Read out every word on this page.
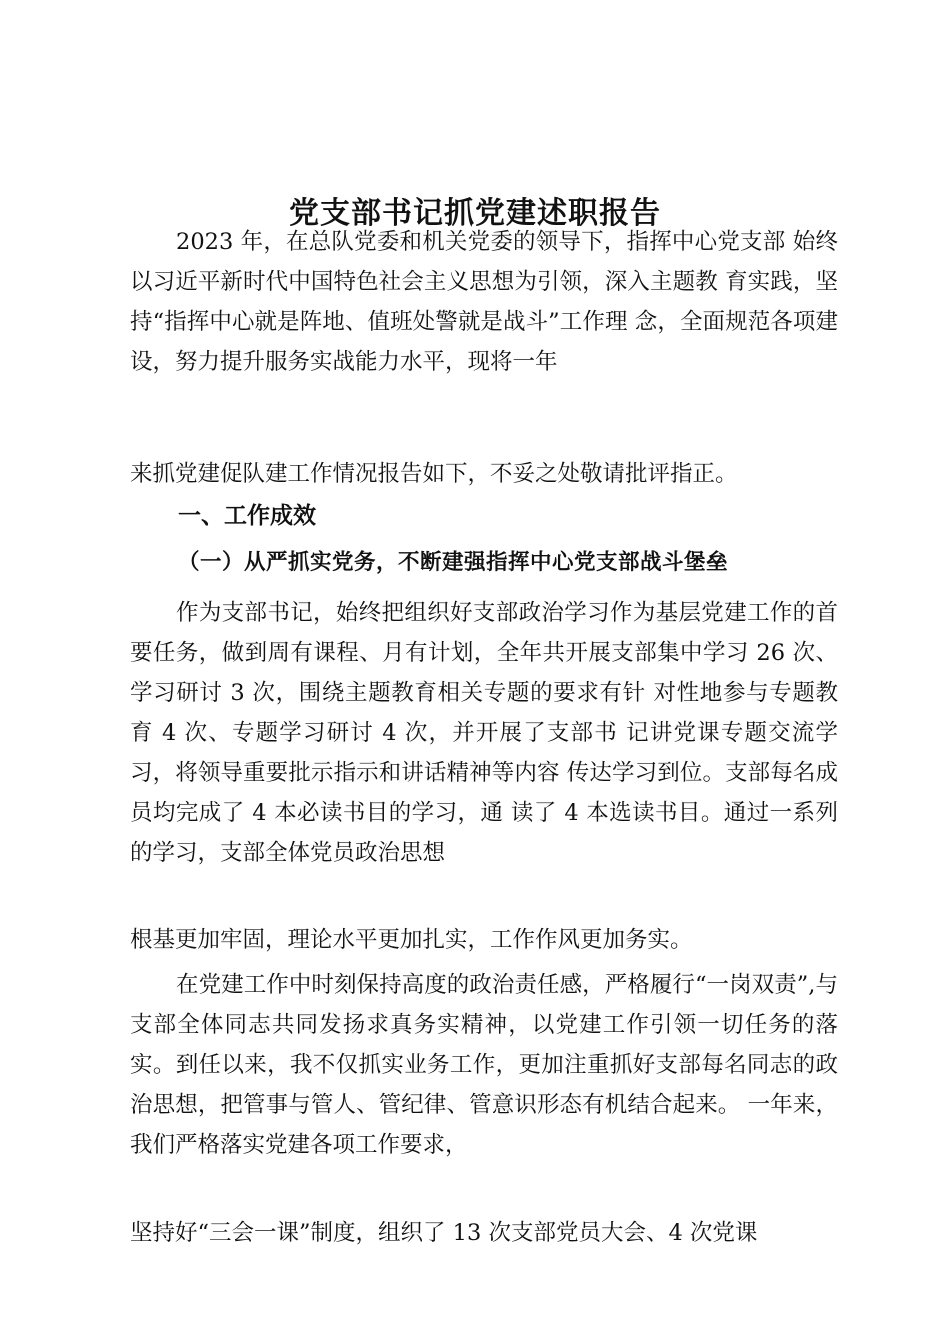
党支部书记抓党建述职报告

2023 年，在总队党委和机关党委的领导下，指挥中心党支部 始终以习近平新时代中国特色社会主义思想为引领，深入主题教 育实践，坚持“指挥中心就是阵地、值班处警就是战斗”工作理 念，全面规范各项建设，努力提升服务实战能力水平，现将一年

来抓党建促队建工作情况报告如下，不妥之处敬请批评指正。

一、工作成效

（一）从严抓实党务，不断建强指挥中心党支部战斗堡垒

作为支部书记，始终把组织好支部政治学习作为基层党建工作的首要任务，做到周有课程、月有计划，全年共开展支部集中学习 26 次、学习研讨 3 次，围绕主题教育相关专题的要求有针 对性地参与专题教育 4 次、专题学习研讨 4 次，并开展了支部书 记讲党课专题交流学习，将领导重要批示指示和讲话精神等内容 传达学习到位。支部每名成员均完成了 4 本必读书目的学习，通 读了 4 本选读书目。通过一系列的学习，支部全体党员政治思想

根基更加牢固，理论水平更加扎实，工作作风更加务实。

在党建工作中时刻保持高度的政治责任感，严格履行“一岗双责”,与支部全体同志共同发扬求真务实精神，以党建工作引领一切任务的落实。到任以来，我不仅抓实业务工作，更加注重抓好支部每名同志的政治思想，把管事与管人、管纪律、管意识形态有机结合起来。 一年来，我们严格落实党建各项工作要求，

坚持好“三会一课”制度，组织了 13 次支部党员大会、4 次党课
